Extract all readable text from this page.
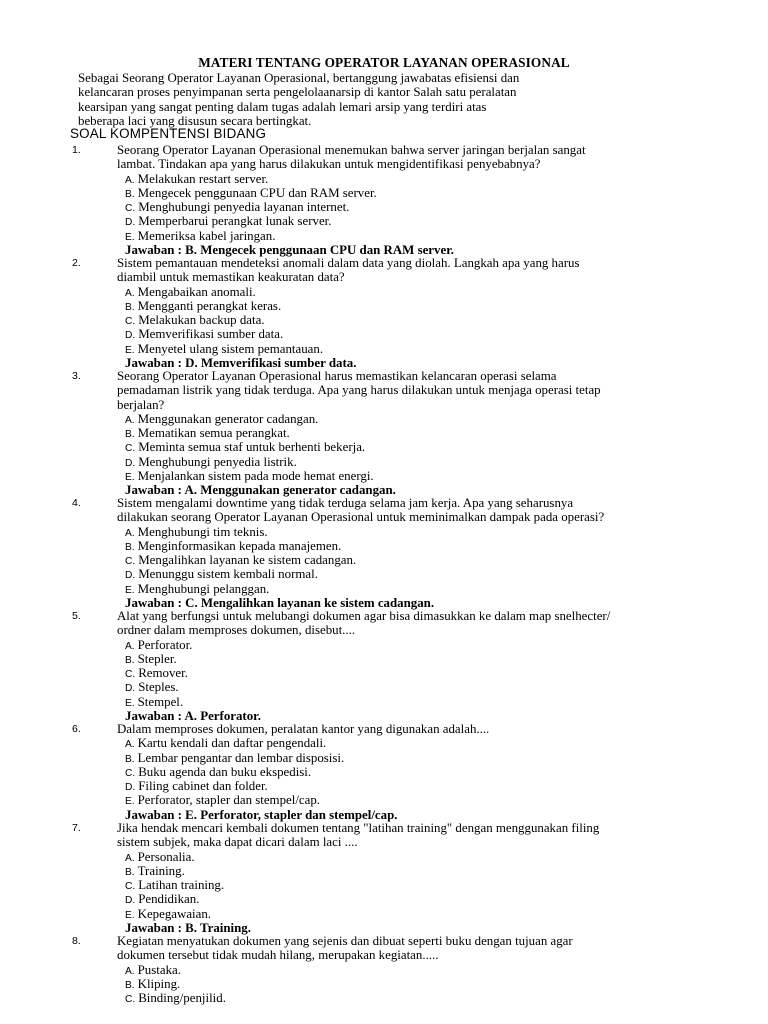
MATERI TENTANG OPERATOR LAYANAN OPERASIONAL

Sebagai Seorang Operator Layanan Operasional, bertanggung jawabatas efisiensi dan

kelancaran proses penyimpanan serta pengelolaanarsip di kantor Salah satu peralatan

kearsipan yang sangat penting dalam tugas adalah lemari arsip yang terdiri atas

beberapa laci yang disusun secara bertingkat.

SOAL KOMPENTENSI BIDANG
1.	Seorang Operator Layanan Operasional menemukan bahwa server jaringan berjalan sangat
lambat. Tindakan apa yang harus dilakukan untuk mengidentifikasi penyebabnya?
A. Melakukan restart server.
B. Mengecek penggunaan CPU dan RAM server.
C. Menghubungi penyedia layanan internet.
D. Memperbarui perangkat lunak server.
E. Memeriksa kabel jaringan.
Jawaban : B. Mengecek penggunaan CPU dan RAM server.
2.	Sistem pemantauan mendeteksi anomali dalam data yang diolah. Langkah apa yang harus
diambil untuk memastikan keakuratan data?
A. Mengabaikan anomali.
B. Mengganti perangkat keras.
C. Melakukan backup data.
D. Memverifikasi sumber data.
E. Menyetel ulang sistem pemantauan.
Jawaban : D. Memverifikasi sumber data.
3.	Seorang Operator Layanan Operasional harus memastikan kelancaran operasi selama
pemadaman listrik yang tidak terduga. Apa yang harus dilakukan untuk menjaga operasi tetap
berjalan?
A. Menggunakan generator cadangan.
B. Mematikan semua perangkat.
C. Meminta semua staf untuk berhenti bekerja.
D. Menghubungi penyedia listrik.
E. Menjalankan sistem pada mode hemat energi.
Jawaban : A. Menggunakan generator cadangan.
4.	Sistem mengalami downtime yang tidak terduga selama jam kerja. Apa yang seharusnya
dilakukan seorang Operator Layanan Operasional untuk meminimalkan dampak pada operasi?
A. Menghubungi tim teknis.
B. Menginformasikan kepada manajemen.
C. Mengalihkan layanan ke sistem cadangan.
D. Menunggu sistem kembali normal.
E. Menghubungi pelanggan.
Jawaban : C. Mengalihkan layanan ke sistem cadangan.
5.	Alat yang berfungsi untuk melubangi dokumen agar bisa dimasukkan ke dalam map snelhecter/
ordner dalam memproses dokumen, disebut....
A. Perforator.
B. Stepler.
C. Remover.
D. Steples.
E. Stempel.
Jawaban : A. Perforator.
6.	Dalam memproses dokumen, peralatan kantor yang digunakan adalah....
A. Kartu kendali dan daftar pengendali.
B. Lembar pengantar dan lembar disposisi.
C. Buku agenda dan buku ekspedisi.
D. Filing cabinet dan folder.
E. Perforator, stapler dan stempel/cap.
Jawaban : E. Perforator, stapler dan stempel/cap.
7.	Jika hendak mencari kembali dokumen tentang "latihan training" dengan menggunakan filing
sistem subjek, maka dapat dicari dalam laci ....
A. Personalia.
B. Training.
C. Latihan training.
D. Pendidikan.
E. Kepegawaian.
Jawaban : B. Training.
8.	Kegiatan menyatukan dokumen yang sejenis dan dibuat seperti buku dengan tujuan agar
dokumen tersebut tidak mudah hilang, merupakan kegiatan.....
A. Pustaka.
B. Kliping.
C. Binding/penjilid.
